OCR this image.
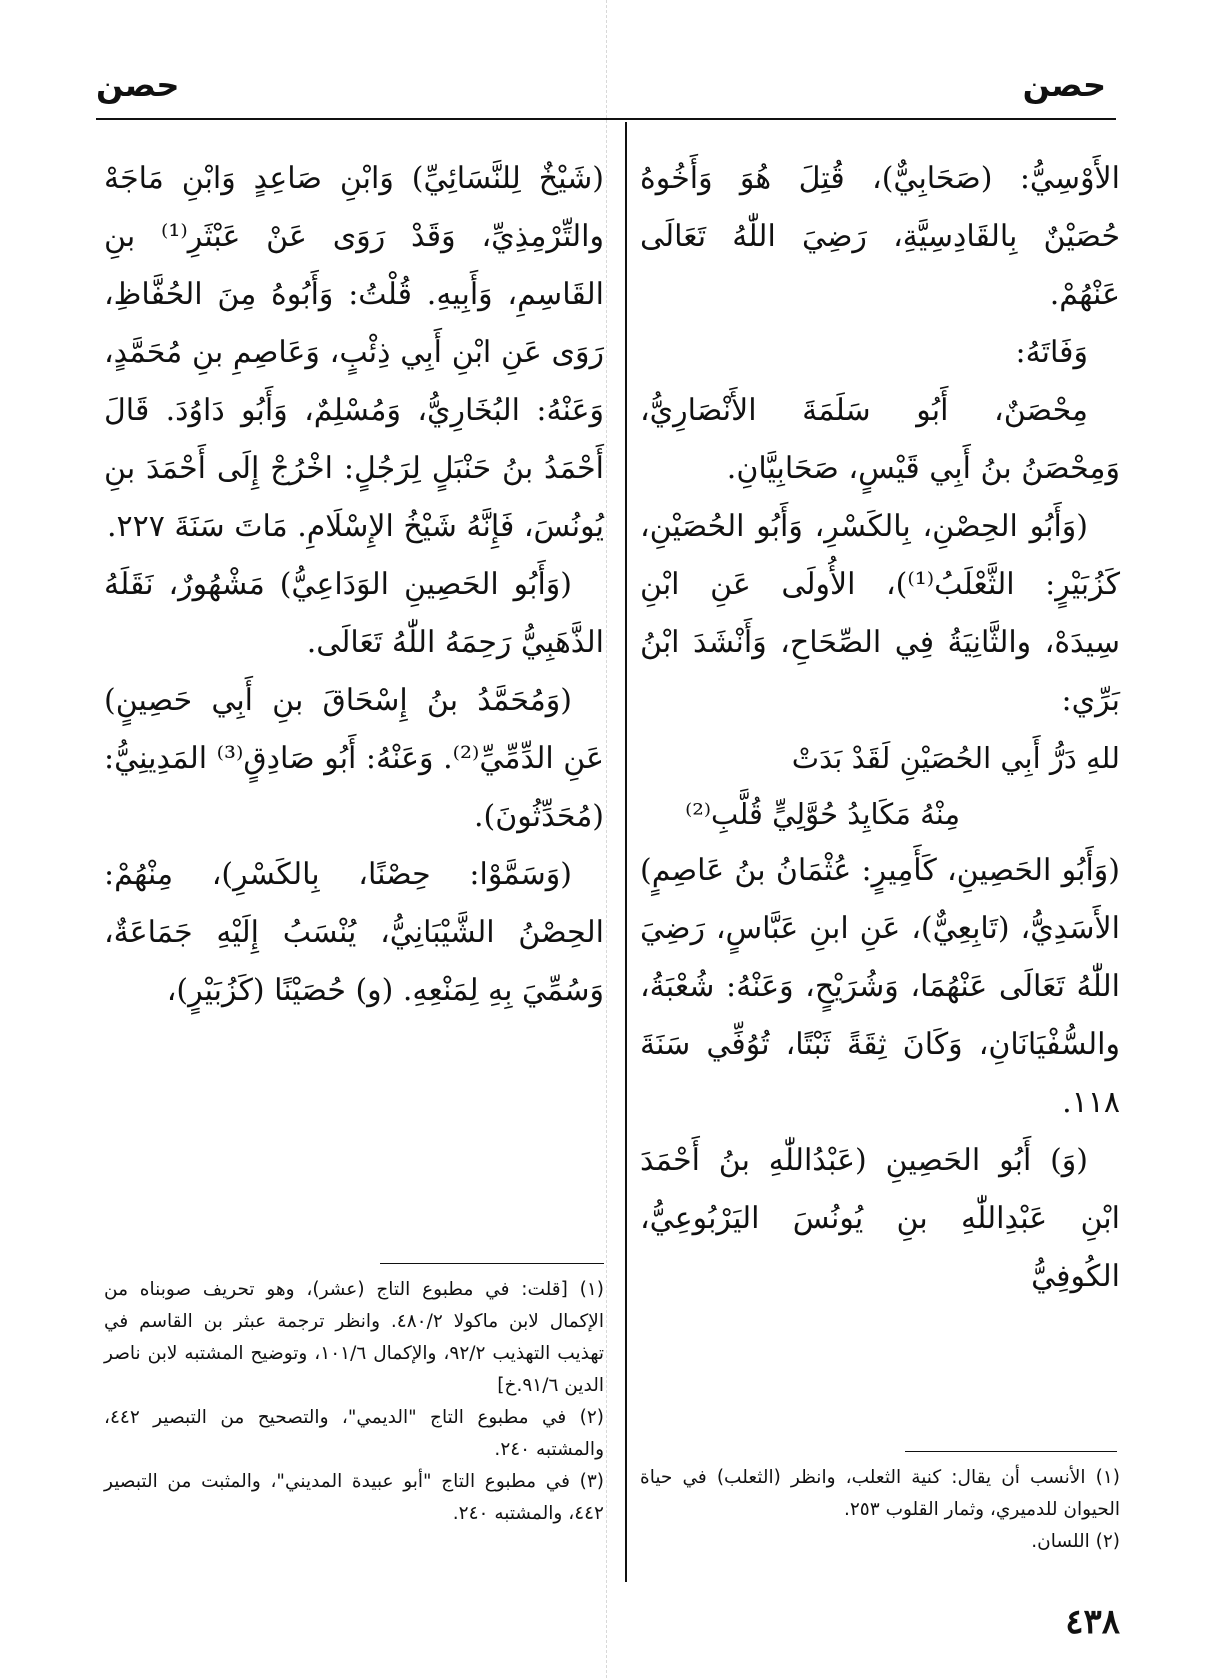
حصن
حصن

الأَوْسِيُّ: (صَحَابِيٌّ)، قُتِلَ هُوَ وَأَخُوهُ حُصَيْنٌ بِالقَادِسِيَّةِ، رَضِيَ اللّٰهُ تَعَالَى عَنْهُمْ.

وَفَاتَهُ:

مِحْصَنٌ، أَبُو سَلَمَةَ الأَنْصَارِيُّ، وَمِحْصَنُ بنُ أَبِي قَيْسٍ، صَحَابِيَّانِ.

(وَأَبُو الحِصْنِ، بِالكَسْرِ، وَأَبُو الحُصَيْنِ، كَزُبَيْرٍ: الثَّعْلَبُ⁽¹⁾)، الأُولَى عَنِ ابْنِ سِيدَهْ، والثَّانِيَةُ فِي الصِّحَاحِ، وَأَنْشَدَ ابْنُ بَرِّي:

للهِ دَرُّ أَبِي الحُصَيْنِ لَقَدْ بَدَتْ

مِنْهُ مَكَايِدُ حُوَّلِيٍّ قُلَّبِ⁽²⁾

(وَأَبُو الحَصِينِ، كَأَمِيرٍ: عُثْمَانُ بنُ عَاصِمٍ) الأَسَدِيُّ، (تَابِعِيٌّ)، عَنِ ابنِ عَبَّاسٍ، رَضِيَ اللّٰهُ تَعَالَى عَنْهُمَا، وَشُرَيْحٍ، وَعَنْهُ: شُعْبَةُ، والسُّفْيَانَانِ، وَكَانَ ثِقَةً ثَبْتًا، تُوُفِّي سَنَةَ ١١٨.

(وَ) أَبُو الحَصِينِ (عَبْدُاللّٰهِ بنُ أَحْمَدَ ابْنِ عَبْدِاللّٰهِ بنِ يُونُسَ اليَرْبُوعِيُّ، الكُوفِيُّ

(١) الأنسب أن يقال: كنية الثعلب، وانظر (الثعلب) في حياة الحيوان للدميري، وثمار القلوب ٢٥٣.

(٢) اللسان.

(شَيْخٌ لِلنَّسَائِيِّ) وَابْنِ صَاعِدٍ وَابْنِ مَاجَهْ والتِّرْمِذِيِّ، وَقَدْ رَوَى عَنْ عَبْثَرِ⁽¹⁾ بنِ القَاسِمِ، وَأَبِيهِ. قُلْتُ: وَأَبُوهُ مِنَ الحُفَّاظِ، رَوَى عَنِ ابْنِ أَبِي ذِئْبٍ، وَعَاصِمِ بنِ مُحَمَّدٍ، وَعَنْهُ: البُخَارِيُّ، وَمُسْلِمٌ، وَأَبُو دَاوُدَ. قَالَ أَحْمَدُ بنُ حَنْبَلٍ لِرَجُلٍ: اخْرُجْ إِلَى أَحْمَدَ بنِ يُونُسَ، فَإِنَّهُ شَيْخُ الإِسْلَامِ. مَاتَ سَنَةَ ٢٢٧.

(وَأَبُو الحَصِينِ الوَدَاعِيُّ) مَشْهُورٌ، نَقَلَهُ الذَّهَبِيُّ رَحِمَهُ اللّٰهُ تَعَالَى.

(وَمُحَمَّدُ بنُ إِسْحَاقَ بنِ أَبِي حَصِينٍ) عَنِ الدِّمِّيِّ⁽²⁾. وَعَنْهُ: أَبُو صَادِقٍ⁽³⁾ المَدِينِيُّ: (مُحَدِّثُونَ).

(وَسَمَّوْا: حِصْنًا، بِالكَسْرِ)، مِنْهُمْ: الحِصْنُ الشَّيْبَانِيُّ، يُنْسَبُ إِلَيْهِ جَمَاعَةٌ، وَسُمِّيَ بِهِ لِمَنْعِهِ. (و) حُصَيْنًا (كَزُبَيْرٍ)،

(١) [قلت: في مطبوع التاج (عشر)، وهو تحريف صوبناه من الإكمال لابن ماكولا ٤٨٠/٢. وانظر ترجمة عبثر بن القاسم في تهذيب التهذيب ٩٢/٢، والإكمال ١٠١/٦، وتوضيح المشتبه لابن ناصر الدين ٩١/٦.خ]

(٢) في مطبوع التاج "الديمي"، والتصحيح من التبصير ٤٤٢، والمشتبه ٢٤٠.

(٣) في مطبوع التاج "أبو عبيدة المديني"، والمثبت من التبصير ٤٤٢، والمشتبه ٢٤٠.

٤٣٨
